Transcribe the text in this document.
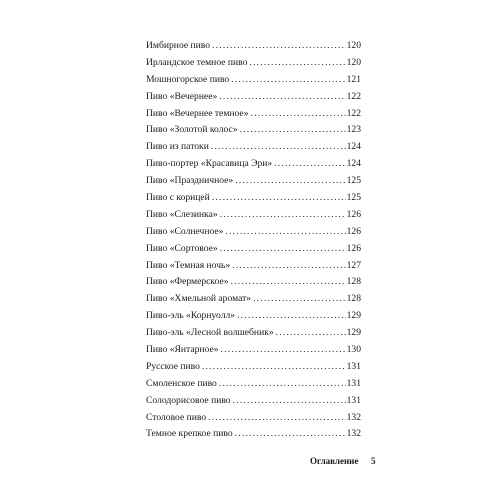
Имбирное пиво . . .	120
Ирландское темное пиво . . .	120
Мошногорское пиво . . .	121
Пиво «Вечернее» . . .	122
Пиво «Вечернее темное» . . .	122
Пиво «Золотой колос» . . .	123
Пиво из патоки . . .	124
Пиво-портер «Красавица Эри» . . .	124
Пиво «Праздничное» . . .	125
Пиво с корицей . . .	125
Пиво «Слезинка» . . .	126
Пиво «Солнечное» . . .	126
Пиво «Сортовое» . . .	126
Пиво «Темная ночь» . . .	127
Пиво «Фермерское» . . .	128
Пиво «Хмельной аромат» . . .	128
Пиво-эль «Корнуолл» . . .	129
Пиво-эль «Лесной волшебник» . . .	129
Пиво «Янтарное» . . .	130
Русское пиво . . .	131
Смоленское пиво . . .	131
Солодорисовое пиво . . .	131
Столовое пиво . . .	132
Темное крепкое пиво . . .	132
Оглавление 5
